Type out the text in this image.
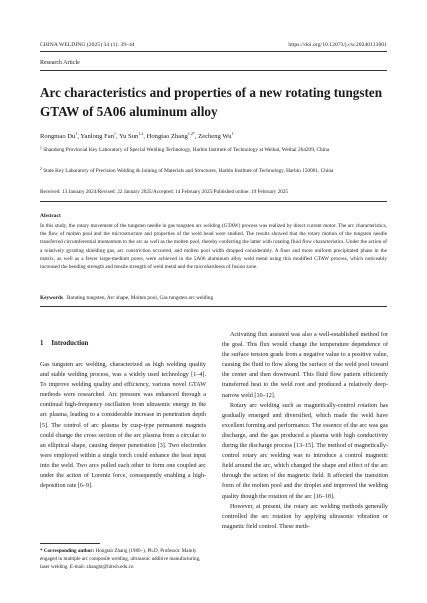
CHINA WELDING (2025) 34 (1): 39–44	https://doi.org/10.12073/j.cw.20240113001
Research Article
Arc characteristics and properties of a new rotating tungsten GTAW of 5A06 aluminum alloy
Rongmao Du$^1$, Yanlong Fan$^1$, Yu Sun$^{1,2}$, Hongtao Zhang$^{1,2*}$, Zecheng Wu$^1$
$^1$ Shandong Provincial Key Laboratory of Special Welding Technology, Harbin Institute of Technology at Weihai, Weihai 264209, China
$^2$ State Key Laboratory of Precision Welding & Joining of Materials and Structures, Harbin Institute of Technology, Harbin 150001, China
Received: 13 January 2024/Revised: 22 January 2025/Accepted: 14 February 2025/Published online: 19 February 2025
Abstract
In this study, the rotary movement of the tungsten needle in gas tungsten arc welding (GTAW) process was realized by direct current motor. The arc characteristics, the flow of molten pool and the microstructure and properties of the weld bead were studied. The results showed that the rotary motion of the tungsten needle transferred circumferential momentum to the arc as well as the molten pool, thereby conferring the latter with rotating fluid flow characteristics. Under the action of a relatively gyrating shielding gas, arc constriction occurred, and molten pool width dropped considerably. A finer and more uniform precipitated phase in the matrix, as well as a fewer large-medium pores, were achieved in the 5A06 aluminum alloy weld metal using this modified GTAW process, which noticeably increased the bending strength and tensile strength of weld metal and the microhardness of fusion zone.
Keywords Rotating tungsten, Arc shape, Molten pool, Gas tungsten arc welding
1 Introduction

Gas tungsten arc welding, characterized as high welding quality and stable welding process, was a widely used technology [1–4]. To improve welding quality and efficiency, various novel GTAW methods were researched. Arc pressure was enhanced through a continual high-frequency oscillation from ultrasonic energy in the arc plasma, leading to a considerable increase in penetration depth [5]. The control of arc plasma by cusp-type permanent magnets could change the cross section of the arc plasma from a circular to an elliptical shape, causing deeper penetration [3]. Two electrodes were employed within a single torch could enhance the heat input into the weld. Two arcs pulled each other to form one coupled arc under the action of Lorentz force, consequently enabling a high-deposition rate [6–9].

* Corresponding author: Hongtao Zhang (1980–), Ph.D, Professor. Mainly engaged in multiple arc composite welding, ultrasonic additive manufacturing, laser welding. E-mail: zhanght@hitwh.edu.cn

Activating flux assisted was also a well-established method for the goal. This flux would change the temperature dependence of the surface tension grads from a negative value to a positive value, causing the fluid to flow along the surface of the weld pool toward the center and then downward. This fluid flow pattern efficiently transferred heat to the weld root and produced a relatively deep-narrow weld [10–12].

Rotary arc welding such as magnetically-control rotation has gradually emerged and diversified, which made the weld have excellent forming and performance. The essence of the arc was gas discharge, and the gas produced a plasma with high conductivity during the discharge process [13–15]. The method of magnetically-control rotary arc welding was to introduce a control magnetic field around the arc, which changed the shape and effect of the arc through the action of the magnetic field. It affected the transition form of the molten pool and the droplet and improved the welding quality though the rotation of the arc [16–18].

However, at present, the rotary arc welding methods generally controlled the arc rotation by applying ultrasonic vibration or magnetic field control. These meth-
